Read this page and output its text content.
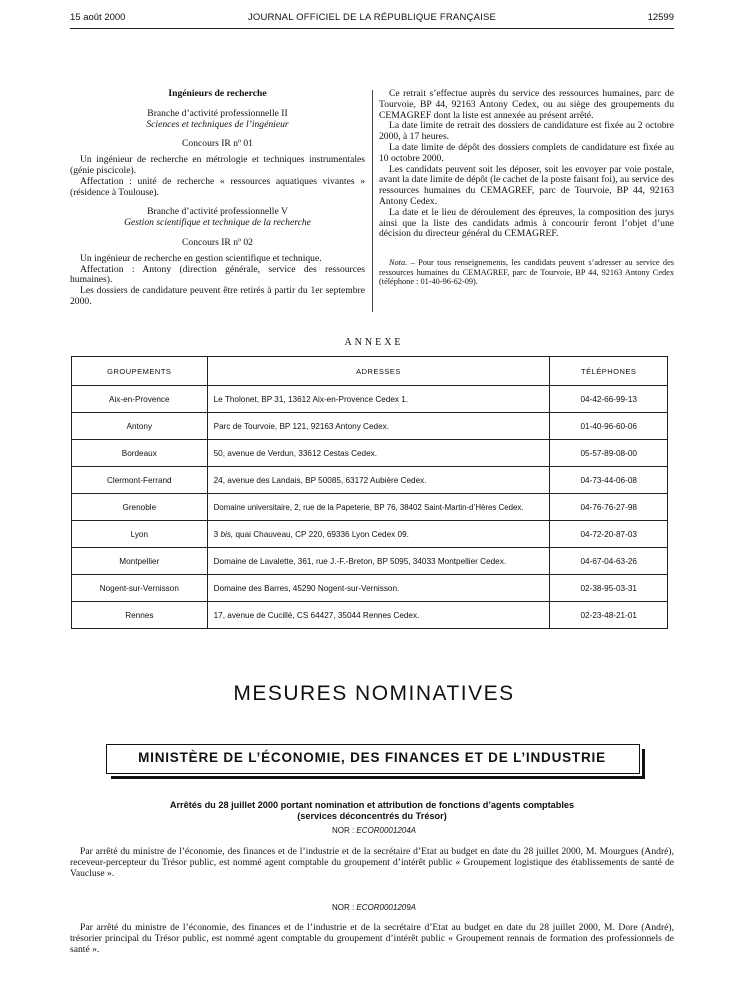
15 août 2000	JOURNAL OFFICIEL DE LA RÉPUBLIQUE FRANÇAISE	12599

Ingénieurs de recherche

Branche d’activité professionnelle II

Sciences et techniques de l’ingénieur

Concours IR nº 01

Un ingénieur de recherche en métrologie et techniques instrumentales (génie piscicole).

Affectation : unité de recherche « ressources aquatiques vivantes » (résidence à Toulouse).

Branche d’activité professionnelle V

Gestion scientifique et technique de la recherche

Concours IR nº 02

Un ingénieur de recherche en gestion scientifique et technique.

Affectation : Antony (direction générale, service des ressources humaines).

Les dossiers de candidature peuvent être retirés à partir du 1er septembre 2000.

Ce retrait s’effectue auprès du service des ressources humaines, parc de Tourvoie, BP 44, 92163 Antony Cedex, ou au siège des groupements du CEMAGREF dont la liste est annexée au présent arrêté.

La date limite de retrait des dossiers de candidature est fixée au 2 octobre 2000, à 17 heures.

La date limite de dépôt des dossiers complets de candidature est fixée au 10 octobre 2000.

Les candidats peuvent soit les déposer, soit les envoyer par voie postale, avant la date limite de dépôt (le cachet de la poste faisant foi), au service des ressources humaines du CEMAGREF, parc de Tourvoie, BP 44, 92163 Antony Cedex.

La date et le lieu de déroulement des épreuves, la composition des jurys ainsi que la liste des candidats admis à concourir feront l’objet d’une décision du directeur général du CEMAGREF.

Nota. – Pour tous renseignements, les candidats peuvent s’adresser au service des ressources humaines du CEMAGREF, parc de Tourvoie, BP 44, 92163 Antony Cedex (téléphone : 01-40-96-62-09).

ANNEXE
GROUPEMENTS	ADRESSES	TÉLÉPHONES
Aix-en-Provence	Le Tholonet, BP 31, 13612 Aix-en-Provence Cedex 1.	04-42-66-99-13
Antony	Parc de Tourvoie, BP 121, 92163 Antony Cedex.	01-40-96-60-06
Bordeaux	50, avenue de Verdun, 33612 Cestas Cedex.	05-57-89-08-00
Clermont-Ferrand	24, avenue des Landais, BP 50085, 63172 Aubière Cedex.	04-73-44-06-08
Grenoble	Domaine universitaire, 2, rue de la Papeterie, BP 76, 38402 Saint-Martin-d’Hères Cedex.	04-76-76-27-98
Lyon	3 bis, quai Chauveau, CP 220, 69336 Lyon Cedex 09.	04-72-20-87-03
Montpellier	Domaine de Lavalette, 361, rue J.-F.-Breton, BP 5095, 34033 Montpellier Cedex.	04-67-04-63-26
Nogent-sur-Vernisson	Domaine des Barres, 45290 Nogent-sur-Vernisson.	02-38-95-03-31
Rennes	17, avenue de Cucillé, CS 64427, 35044 Rennes Cedex.	02-23-48-21-01
MESURES NOMINATIVES
MINISTÈRE DE L’ÉCONOMIE, DES FINANCES ET DE L’INDUSTRIE
Arrêtés du 28 juillet 2000 portant nomination et attribution de fonctions d’agents comptables
(services déconcentrés du Trésor)
NOR : ECOR0001204A
Par arrêté du ministre de l’économie, des finances et de l’industrie et de la secrétaire d’Etat au budget en date du 28 juillet 2000, M. Mourgues (André), receveur-percepteur du Trésor public, est nommé agent comptable du groupement d’intérêt public « Groupement logistique des établissements de santé de Vaucluse ».
NOR : ECOR0001209A
Par arrêté du ministre de l’économie, des finances et de l’industrie et de la secrétaire d’Etat au budget en date du 28 juillet 2000, M. Dore (André), trésorier principal du Trésor public, est nommé agent comptable du groupement d’intérêt public « Groupement rennais de formation des professionnels de santé ».
